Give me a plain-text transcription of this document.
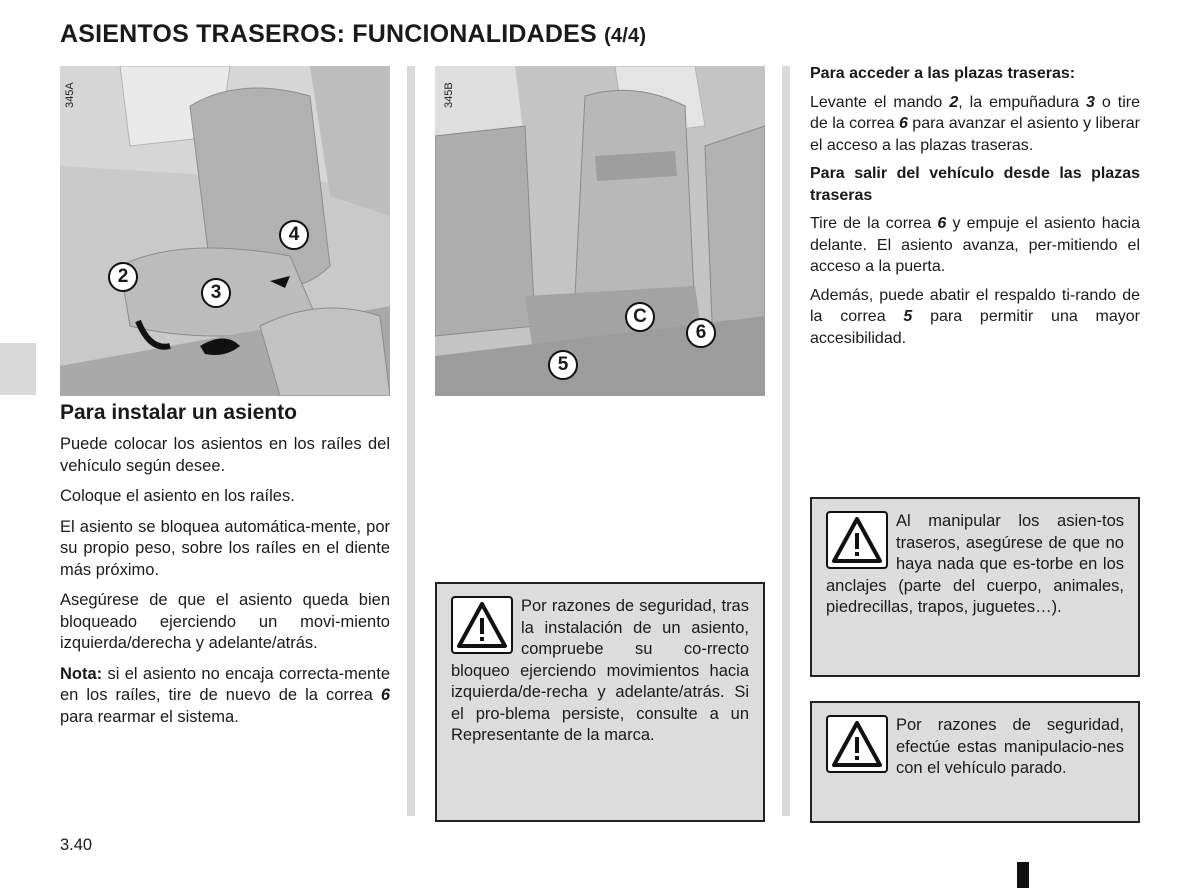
ASIENTOS TRASEROS: FUNCIONALIDADES (4/4)
345A
2
3
4
345B
C
6
5
Para instalar un asiento

Puede colocar los asientos en los raíles del vehículo según desee.

Coloque el asiento en los raíles.

El asiento se bloquea automática-mente, por su propio peso, sobre los raíles en el diente más próximo.

Asegúrese de que el asiento queda bien bloqueado ejerciendo un movi-miento izquierda/derecha y adelante/atrás.

Nota: si el asiento no encaja correcta-mente en los raíles, tire de nuevo de la correa 6 para rearmar el sistema.

Por razones de seguridad, tras la instalación de un asiento, compruebe su co-rrecto bloqueo ejerciendo movimientos hacia izquierda/de-recha y adelante/atrás. Si el pro-blema persiste, consulte a un Representante de la marca.

Para acceder a las plazas traseras:

Levante el mando 2, la empuñadura 3 o tire de la correa 6 para avanzar el asiento y liberar el acceso a las plazas traseras.

Para salir del vehículo desde las plazas traseras

Tire de la correa 6 y empuje el asiento hacia delante. El asiento avanza, per-mitiendo el acceso a la puerta.

Además, puede abatir el respaldo ti-rando de la correa 5 para permitir una mayor accesibilidad.

Al manipular los asien-tos traseros, asegúrese de que no haya nada que es-torbe en los anclajes (parte del cuerpo, animales, piedrecillas, trapos, juguetes…).
Por razones de seguridad, efectúe estas manipulacio-nes con el vehículo parado.
3.40
